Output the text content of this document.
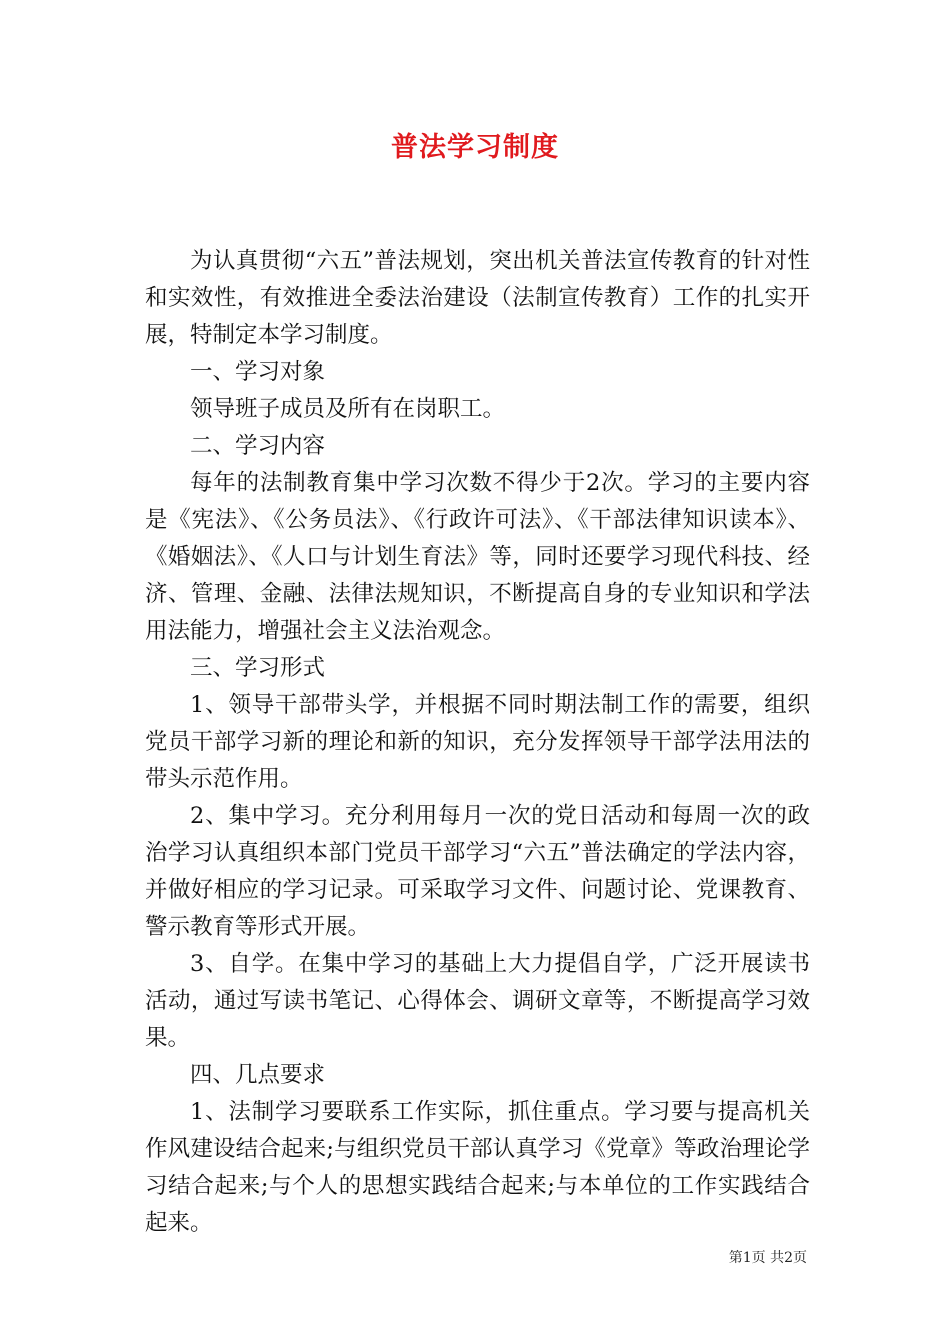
普法学习制度

为认真贯彻“六五”普法规划，突出机关普法宣传教育的针对性和实效性，有效推进全委法治建设（法制宣传教育）工作的扎实开展，特制定本学习制度。

一、学习对象

领导班子成员及所有在岗职工。

二、学习内容

每年的法制教育集中学习次数不得少于2次。学习的主要内容是《宪法》、《公务员法》、《行政许可法》、《干部法律知识读本》、《婚姻法》、《人口与计划生育法》等，同时还要学习现代科技、经济、管理、金融、法律法规知识，不断提高自身的专业知识和学法用法能力，增强社会主义法治观念。

三、学习形式

1、领导干部带头学，并根据不同时期法制工作的需要，组织党员干部学习新的理论和新的知识，充分发挥领导干部学法用法的带头示范作用。

2、集中学习。充分利用每月一次的党日活动和每周一次的政治学习认真组织本部门党员干部学习“六五”普法确定的学法内容，并做好相应的学习记录。可采取学习文件、问题讨论、党课教育、警示教育等形式开展。

3、自学。在集中学习的基础上大力提倡自学，广泛开展读书活动，通过写读书笔记、心得体会、调研文章等，不断提高学习效果。

四、几点要求

1、法制学习要联系工作实际，抓住重点。学习要与提高机关作风建设结合起来;与组织党员干部认真学习《党章》等政治理论学习结合起来;与个人的思想实践结合起来;与本单位的工作实践结合起来。

第1页 共2页
